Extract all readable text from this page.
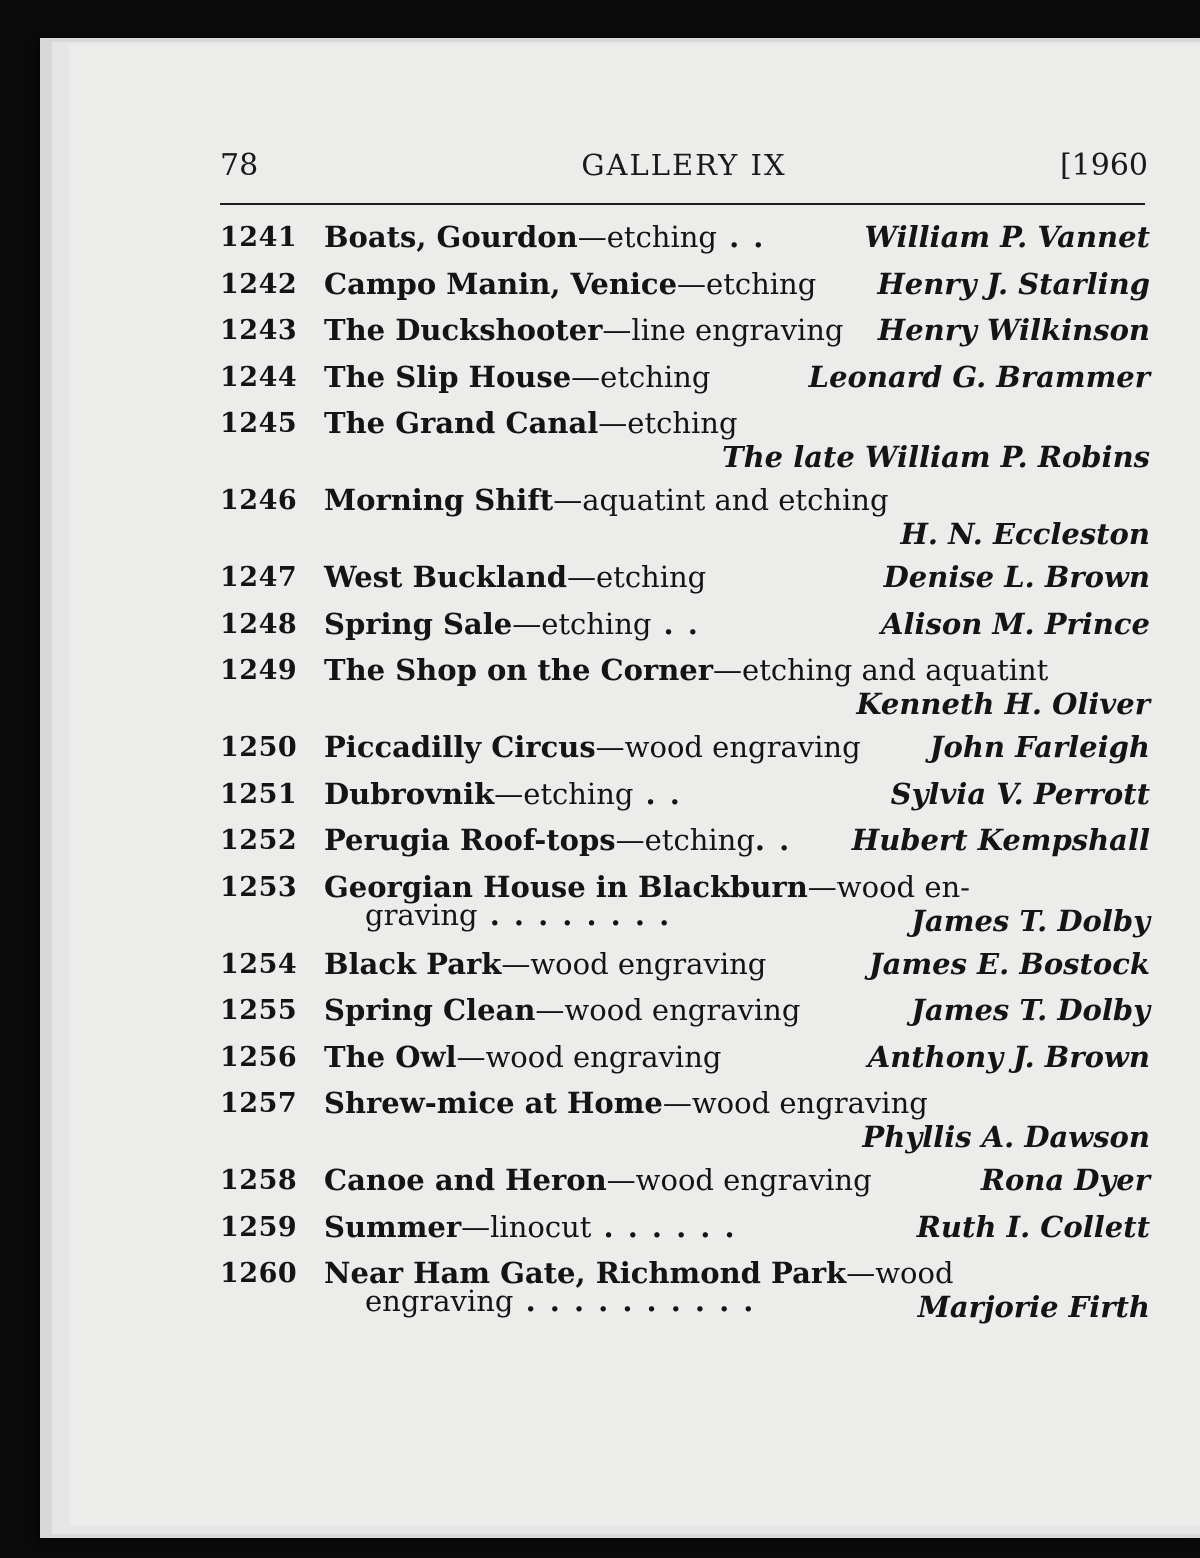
78	GALLERY IX	[1960
1241 Boats, Gourdon—etching . .	William P. Vannet
1242 Campo Manin, Venice—etching Henry J. Starling
1243 The Duckshooter—line engraving Henry Wilkinson
1244 The Slip House—etching	Leonard G. Brammer
1245 The Grand Canal—etching
The late William P. Robins
1246 Morning Shift—aquatint and etching
H. N. Eccleston
1247 West Buckland—etching	Denise L. Brown
1248 Spring Sale—etching . .	Alison M. Prince
1249 The Shop on the Corner—etching and aquatint
Kenneth H. Oliver
1250 Piccadilly Circus—wood engraving John Farleigh
1251 Dubrovnik—etching . .	Sylvia V. Perrott
1252 Perugia Roof-tops—etching. . Hubert Kempshall
1253 Georgian House in Blackburn—wood en-
graving . . . . . . . .	James T. Dolby
1254 Black Park—wood engraving	James E. Bostock
1255 Spring Clean—wood engraving	James T. Dolby
1256 The Owl—wood engraving	Anthony J. Brown
1257 Shrew-mice at Home—wood engraving
Phyllis A. Dawson
1258 Canoe and Heron—wood engraving	Rona Dyer
1259 Summer—linocut . . . . . .	Ruth I. Collett
1260 Near Ham Gate, Richmond Park—wood
engraving . . . . . . . . . .	Marjorie Firth
